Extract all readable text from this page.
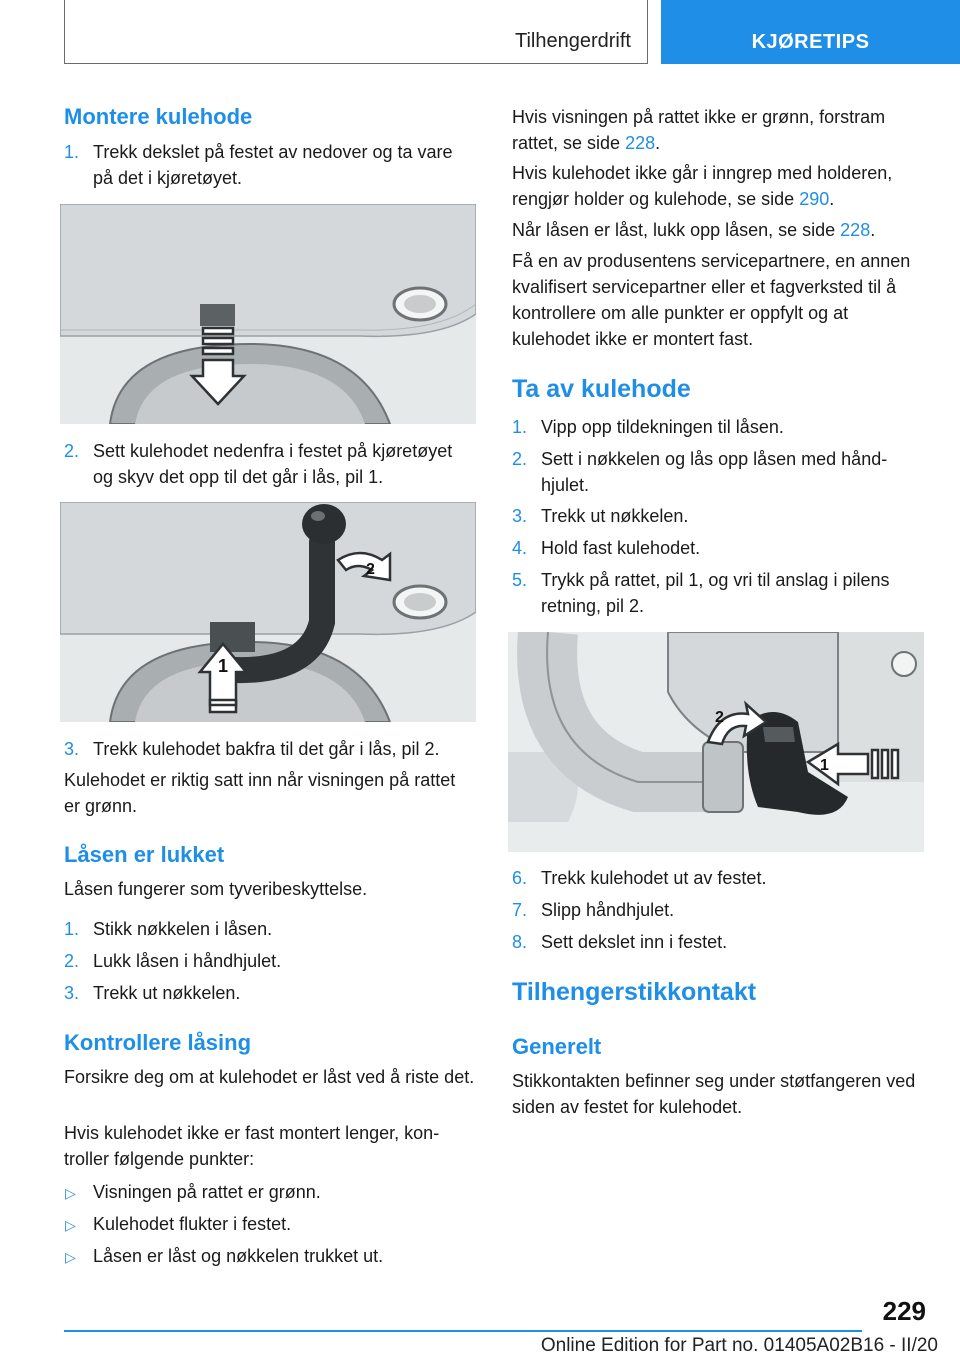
Tilhengerdrift	KJØRETIPS
Montere kulehode
1. Trekk dekslet på festet av nedover og ta vare på det i kjøretøyet.
2. Sett kulehodet nedenfra i festet på kjøretøyet og skyv det opp til det går i lås, pil 1.
1
2
3. Trekk kulehodet bakfra til det går i lås, pil 2.

Kulehodet er riktig satt inn når visningen på rattet er grønn.

Låsen er lukket

Låsen fungerer som tyveribeskyttelse.

1. Stikk nøkkelen i låsen.
2. Lukk låsen i håndhjulet.
3. Trekk ut nøkkelen.
Kontrollere låsing

Forsikre deg om at kulehodet er låst ved å riste det.

Hvis kulehodet ikke er fast montert lenger, kontroller følgende punkter:

▷ Visningen på rattet er grønn.
▷ Kulehodet flukter i festet.
▷ Låsen er låst og nøkkelen trukket ut.

Hvis visningen på rattet ikke er grønn, forstram rattet, se side 228.

Hvis kulehodet ikke går i inngrep med holderen, rengjør holder og kulehode, se side 290.

Når låsen er låst, lukk opp låsen, se side 228.

Få en av produsentens servicepartnere, en annen kvalifisert servicepartner eller et fagverksted til å kontrollere om alle punkter er oppfylt og at kulehodet ikke er montert fast.

Ta av kulehode
1. Vipp opp tildekningen til låsen.
2. Sett i nøkkelen og lås opp låsen med håndhjulet.
3. Trekk ut nøkkelen.
4. Hold fast kulehodet.
5. Trykk på rattet, pil 1, og vri til anslag i pilens retning, pil 2.
2
1
6. Trekk kulehodet ut av festet.
7. Slipp håndhjulet.
8. Sett dekslet inn i festet.
Tilhengerstikkontakt
Generelt

Stikkontakten befinner seg under støtfangeren ved siden av festet for kulehodet.

229
Online Edition for Part no. 01405A02B16 - II/20
